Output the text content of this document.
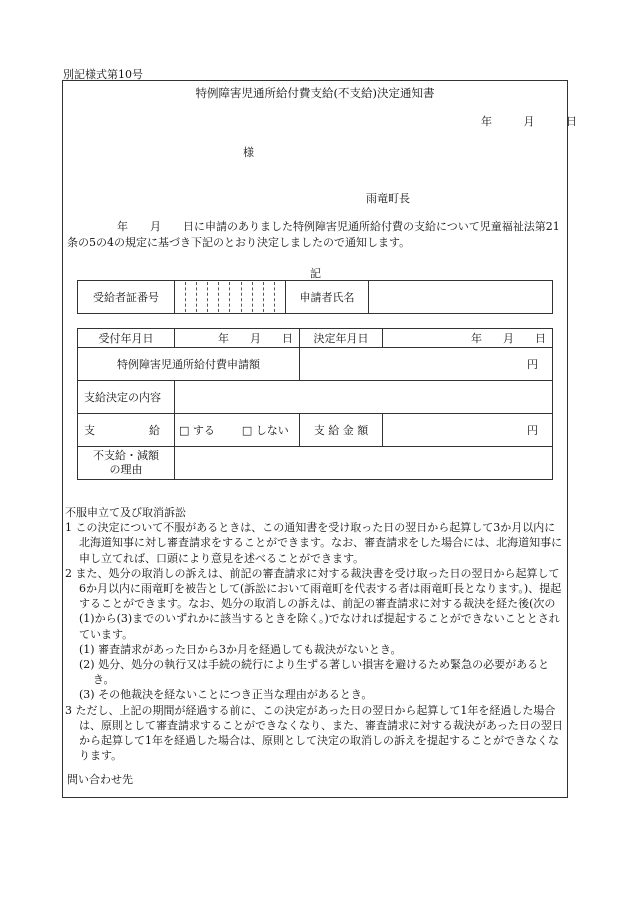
別記様式第10号
特例障害児通所給付費支給(不支給)決定通知書
年	月	日
様
雨竜町長
年 月 日に申請のありました特例障害児通所給付費の支給について児童福祉法第21条の5の4の規定に基づき下記のとおり決定しましたので通知します。
記
受給者証番号		申請者氏名	
受付年月日	年 月 日	決定年月日	年 月 日
特例障害児通所給付費申請額		円	
支給決定の内容			
支 給	□ する □ しない	支 給 金 額	円
不支給・減額
の理由			
不服申立て及び取消訴訟

1 この決定について不服があるときは、この通知書を受け取った日の翌日から起算して3か月以内に北海道知事に対し審査請求をすることができます。なお、審査請求をした場合には、北海道知事に申し立てれば、口頭により意見を述べることができます。

2 また、処分の取消しの訴えは、前記の審査請求に対する裁決書を受け取った日の翌日から起算して6か月以内に雨竜町を被告として(訴訟において雨竜町を代表する者は雨竜町長となります。)、提起することができます。なお、処分の取消しの訴えは、前記の審査請求に対する裁決を経た後(次の(1)から(3)までのいずれかに該当するときを除く。)でなければ提起することができないこととされています。

(1) 審査請求があった日から3か月を経過しても裁決がないとき。

(2) 処分、処分の執行又は手続の続行により生ずる著しい損害を避けるため緊急の必要があるとき。

(3) その他裁決を経ないことにつき正当な理由があるとき。

3 ただし、上記の期間が経過する前に、この決定があった日の翌日から起算して1年を経過した場合は、原則として審査請求することができなくなり、また、審査請求に対する裁決があった日の翌日から起算して1年を経過した場合は、原則として決定の取消しの訴えを提起することができなくなります。

問い合わせ先
